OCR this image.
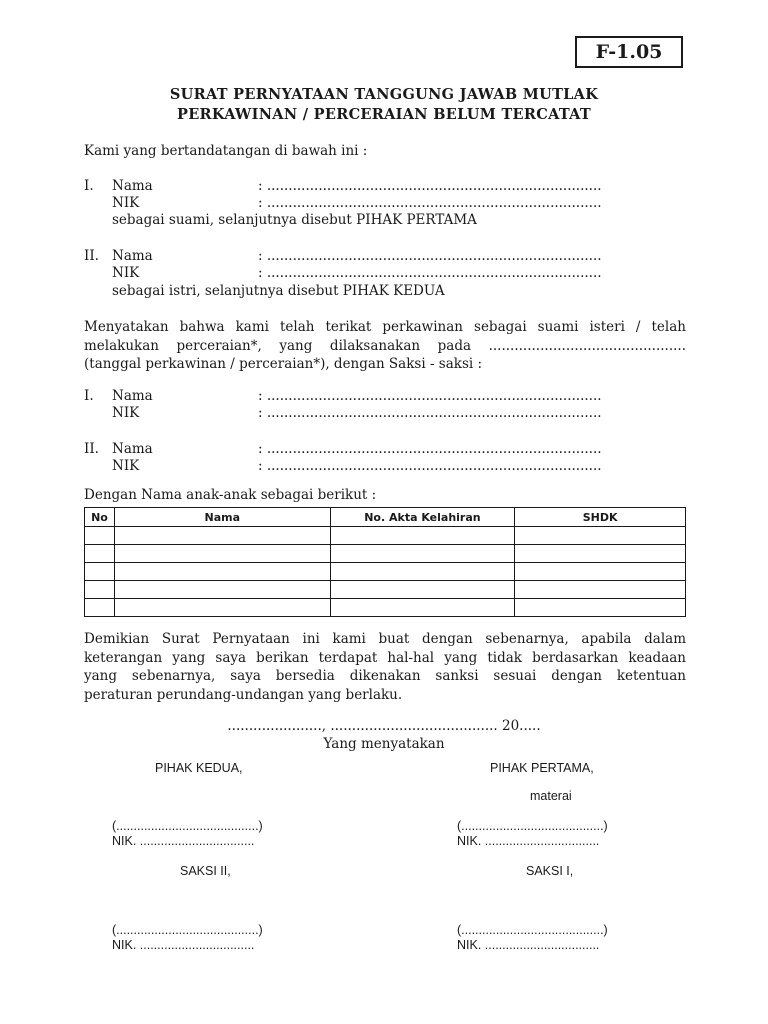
F-1.05
SURAT PERNYATAAN TANGGUNG JAWAB MUTLAK
PERKAWINAN / PERCERAIAN BELUM TERCATAT
Kami yang bertandatangan di bawah ini :
I. Nama	: ..............................................................................
NIK	: ..............................................................................
sebagai suami, selanjutnya disebut PIHAK PERTAMA
II. Nama	: ..............................................................................
NIK	: ..............................................................................
sebagai istri, selanjutnya disebut PIHAK KEDUA
Menyatakan bahwa kami telah terikat perkawinan sebagai suami isteri / telah
melakukan perceraian*, yang dilaksanakan pada ..............................................
(tanggal perkawinan / perceraian*), dengan Saksi - saksi :
I. Nama	: ..............................................................................
NIK	: ..............................................................................
II. Nama	: ..............................................................................
NIK	: ..............................................................................
Dengan Nama anak-anak sebagai berikut :
No	Nama	No. Akta Kelahiran	SHDK

Demikian Surat Pernyataan ini kami buat dengan sebenarnya, apabila dalam
keterangan yang saya berikan terdapat hal-hal yang tidak berdasarkan keadaan
yang sebenarnya, saya bersedia dikenakan sanksi sesuai dengan ketentuan
peraturan perundang-undangan yang berlaku.
......................, ....................................... 20.....
Yang menyatakan
PIHAK KEDUA,	PIHAK PERTAMA,
materai
(.........................................)
NIK. .................................
(.........................................)
NIK. .................................
SAKSI II,	SAKSI I,
(.........................................)
NIK. .................................
(.........................................)
NIK. .................................
